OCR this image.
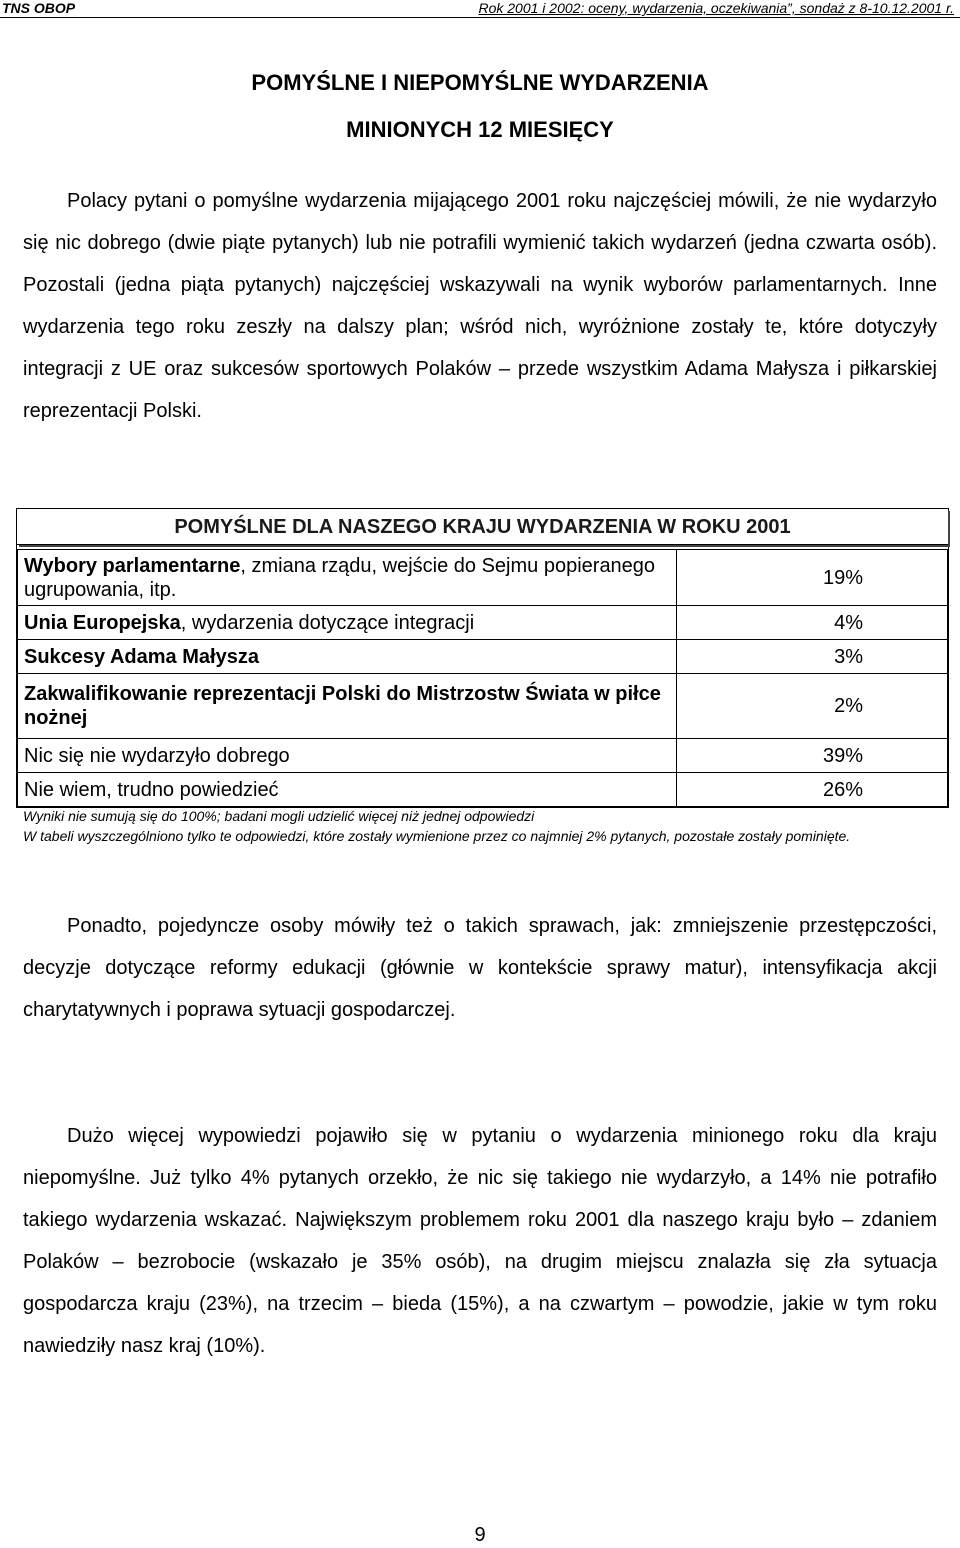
TNS OBOP	Rok 2001 i 2002: oceny, wydarzenia, oczekiwania”, sondaż z 8-10.12.2001 r.
POMYŚLNE I NIEPOMYŚLNE WYDARZENIA
MINIONYCH 12 MIESIĘCY

Polacy pytani o pomyślne wydarzenia mijającego 2001 roku najczęściej mówili, że nie wydarzyło się nic dobrego (dwie piąte pytanych) lub nie potrafili wymienić takich wydarzeń (jedna czwarta osób). Pozostali (jedna piąta pytanych) najczęściej wskazywali na wynik wyborów parlamentarnych. Inne wydarzenia tego roku zeszły na dalszy plan; wśród nich, wyróżnione zostały te, które dotyczyły integracji z UE oraz sukcesów sportowych Polaków – przede wszystkim Adama Małysza i piłkarskiej reprezentacji Polski.

POMYŚLNE DLA NASZEGO KRAJU WYDARZENIA W ROKU 2001
Wybory parlamentarne, zmiana rządu, wejście do Sejmu popieranego ugrupowania, itp.	19%
Unia Europejska, wydarzenia dotyczące integracji	4%
Sukcesy Adama Małysza	3%
Zakwalifikowanie reprezentacji Polski do Mistrzostw Świata w piłce nożnej	2%
Nic się nie wydarzyło dobrego	39%
Nie wiem, trudno powiedzieć	26%

Wyniki nie sumują się do 100%; badani mogli udzielić więcej niż jednej odpowiedzi

W tabeli wyszczególniono tylko te odpowiedzi, które zostały wymienione przez co najmniej 2% pytanych, pozostałe zostały pominięte.

Ponadto, pojedyncze osoby mówiły też o takich sprawach, jak: zmniejszenie przestępczości, decyzje dotyczące reformy edukacji (głównie w kontekście sprawy matur), intensyfikacja akcji charytatywnych i poprawa sytuacji gospodarczej.

Dużo więcej wypowiedzi pojawiło się w pytaniu o wydarzenia minionego roku dla kraju niepomyślne. Już tylko 4% pytanych orzekło, że nic się takiego nie wydarzyło, a 14% nie potrafiło takiego wydarzenia wskazać. Największym problemem roku 2001 dla naszego kraju było – zdaniem Polaków – bezrobocie (wskazało je 35% osób), na drugim miejscu znalazła się zła sytuacja gospodarcza kraju (23%), na trzecim – bieda (15%), a na czwartym – powodzie, jakie w tym roku nawiedziły nasz kraj (10%).

9
